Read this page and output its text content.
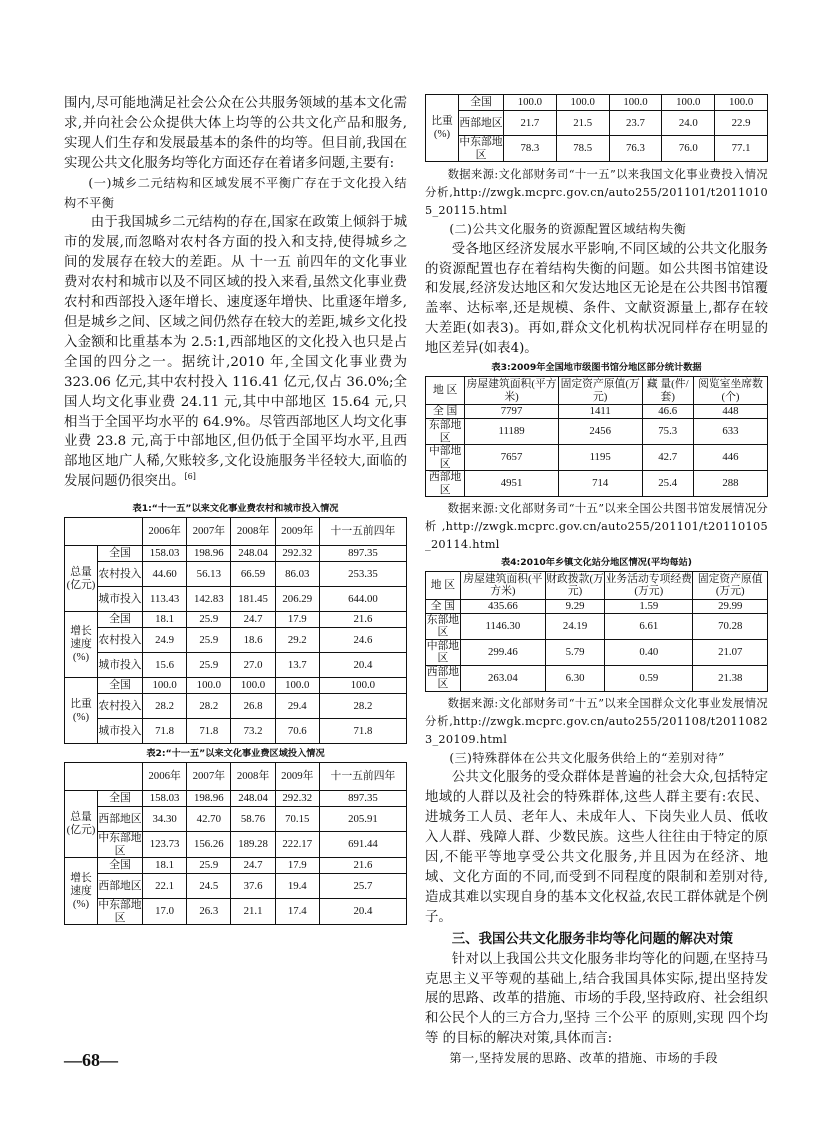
围内,尽可能地满足社会公众在公共服务领域的基本文化需求,并向社会公众提供大体上均等的公共文化产品和服务,实现人们生存和发展最基本的条件的均等。但目前,我国在实现公共文化服务均等化方面还存在着诸多问题,主要有:

(一)城乡二元结构和区域发展不平衡广存在于文化投入结构不平衡

由于我国城乡二元结构的存在,国家在政策上倾斜于城市的发展,而忽略对农村各方面的投入和支持,使得城乡之间的发展存在较大的差距。从 十一五 前四年的文化事业费对农村和城市以及不同区域的投入来看,虽然文化事业费农村和西部投入逐年增长、速度逐年增快、比重逐年增多,但是城乡之间、区域之间仍然存在较大的差距,城乡文化投入金额和比重基本为 2.5:1,西部地区的文化投入也只是占全国的四分之一。据统计,2010 年,全国文化事业费为 323.06 亿元,其中农村投入 116.41 亿元,仅占 36.0%;全国人均文化事业费 24.11 元,其中中部地区 15.64 元,只相当于全国平均水平的 64.9%。尽管西部地区人均文化事业费 23.8 元,高于中部地区,但仍低于全国平均水平,且西部地区地广人稀,欠账较多,文化设施服务半径较大,面临的发展问题仍很突出。[6]

表1:“十一五”以来文化事业费农村和城市投入情况
		2006年	2007年	2008年	2009年	十一五前四年
总量(亿元)	全国	158.03	198.96	248.04	292.32	897.35
	农村投入	44.60	56.13	66.59	86.03	253.35
	城市投入	113.43	142.83	181.45	206.29	644.00
增长速度(%)	全国	18.1	25.9	24.7	17.9	21.6
	农村投入	24.9	25.9	18.6	29.2	24.6
	城市投入	15.6	25.9	27.0	13.7	20.4
比重(%)	全国	100.0	100.0	100.0	100.0	100.0
	农村投入	28.2	28.2	26.8	29.4	28.2
	城市投入	71.8	71.8	73.2	70.6	71.8
表2:“十一五”以来文化事业费区域投入情况
		2006年	2007年	2008年	2009年	十一五前四年
总量(亿元)	全国	158.03	198.96	248.04	292.32	897.35
	西部地区	34.30	42.70	58.76	70.15	205.91
	中东部地区	123.73	156.26	189.28	222.17	691.44
增长速度(%)	全国	18.1	25.9	24.7	17.9	21.6
	西部地区	22.1	24.5	37.6	19.4	25.7
	中东部地区	17.0	26.3	21.1	17.4	20.4
比重(%)	全国	100.0	100.0	100.0	100.0	100.0
	西部地区	21.7	21.5	23.7	24.0	22.9
	中东部地区	78.3	78.5	76.3	76.0	77.1

数据来源:文化部财务司“十一五”以来我国文化事业费投入情况分析,http://zwgk.mcprc.gov.cn/auto255/201101/t20110105_20115.html

(二)公共文化服务的资源配置区域结构失衡

受各地区经济发展水平影响,不同区域的公共文化服务的资源配置也存在着结构失衡的问题。如公共图书馆建设和发展,经济发达地区和欠发达地区无论是在公共图书馆覆盖率、达标率,还是规模、条件、文献资源量上,都存在较大差距(如表3)。再如,群众文化机构状况同样存在明显的地区差异(如表4)。

表3:2009年全国地市级图书馆分地区部分统计数据
地 区	房屋建筑面积(平方米)	固定资产原值(万元)	藏 量(件/套)	阅览室坐席数(个)
全 国	7797	1411	46.6	448
东部地区	11189	2456	75.3	633
中部地区	7657	1195	42.7	446
西部地区	4951	714	25.4	288

数据来源:文化部财务司“十五”以来全国公共图书馆发展情况分析,http://zwgk.mcprc.gov.cn/auto255/201101/t20110105_20114.html

表4:2010年乡镇文化站分地区情况(平均每站)
地 区	房屋建筑面积(平方米)	财政拨款(万元)	业务活动专项经费(万元)	固定资产原值(万元)
全 国	435.66	9.29	1.59	29.99
东部地区	1146.30	24.19	6.61	70.28
中部地区	299.46	5.79	0.40	21.07
西部地区	263.04	6.30	0.59	21.38

数据来源:文化部财务司“十五”以来全国群众文化事业发展情况分析,http://zwgk.mcprc.gov.cn/auto255/201108/t20110823_20109.html

(三)特殊群体在公共文化服务供给上的“差别对待”

公共文化服务的受众群体是普遍的社会大众,包括特定地域的人群以及社会的特殊群体,这些人群主要有:农民、进城务工人员、老年人、未成年人、下岗失业人员、低收入人群、残障人群、少数民族。这些人往往由于特定的原因,不能平等地享受公共文化服务,并且因为在经济、地域、文化方面的不同,而受到不同程度的限制和差别对待,造成其难以实现自身的基本文化权益,农民工群体就是个例子。

三、我国公共文化服务非均等化问题的解决对策

针对以上我国公共文化服务非均等化的问题,在坚持马克思主义平等观的基础上,结合我国具体实际,提出坚持发展的思路、改革的措施、市场的手段,坚持政府、社会组织和公民个人的三方合力,坚持 三个公平 的原则,实现 四个均等 的目标的解决对策,具体而言:

第一,坚持发展的思路、改革的措施、市场的手段

—68—
